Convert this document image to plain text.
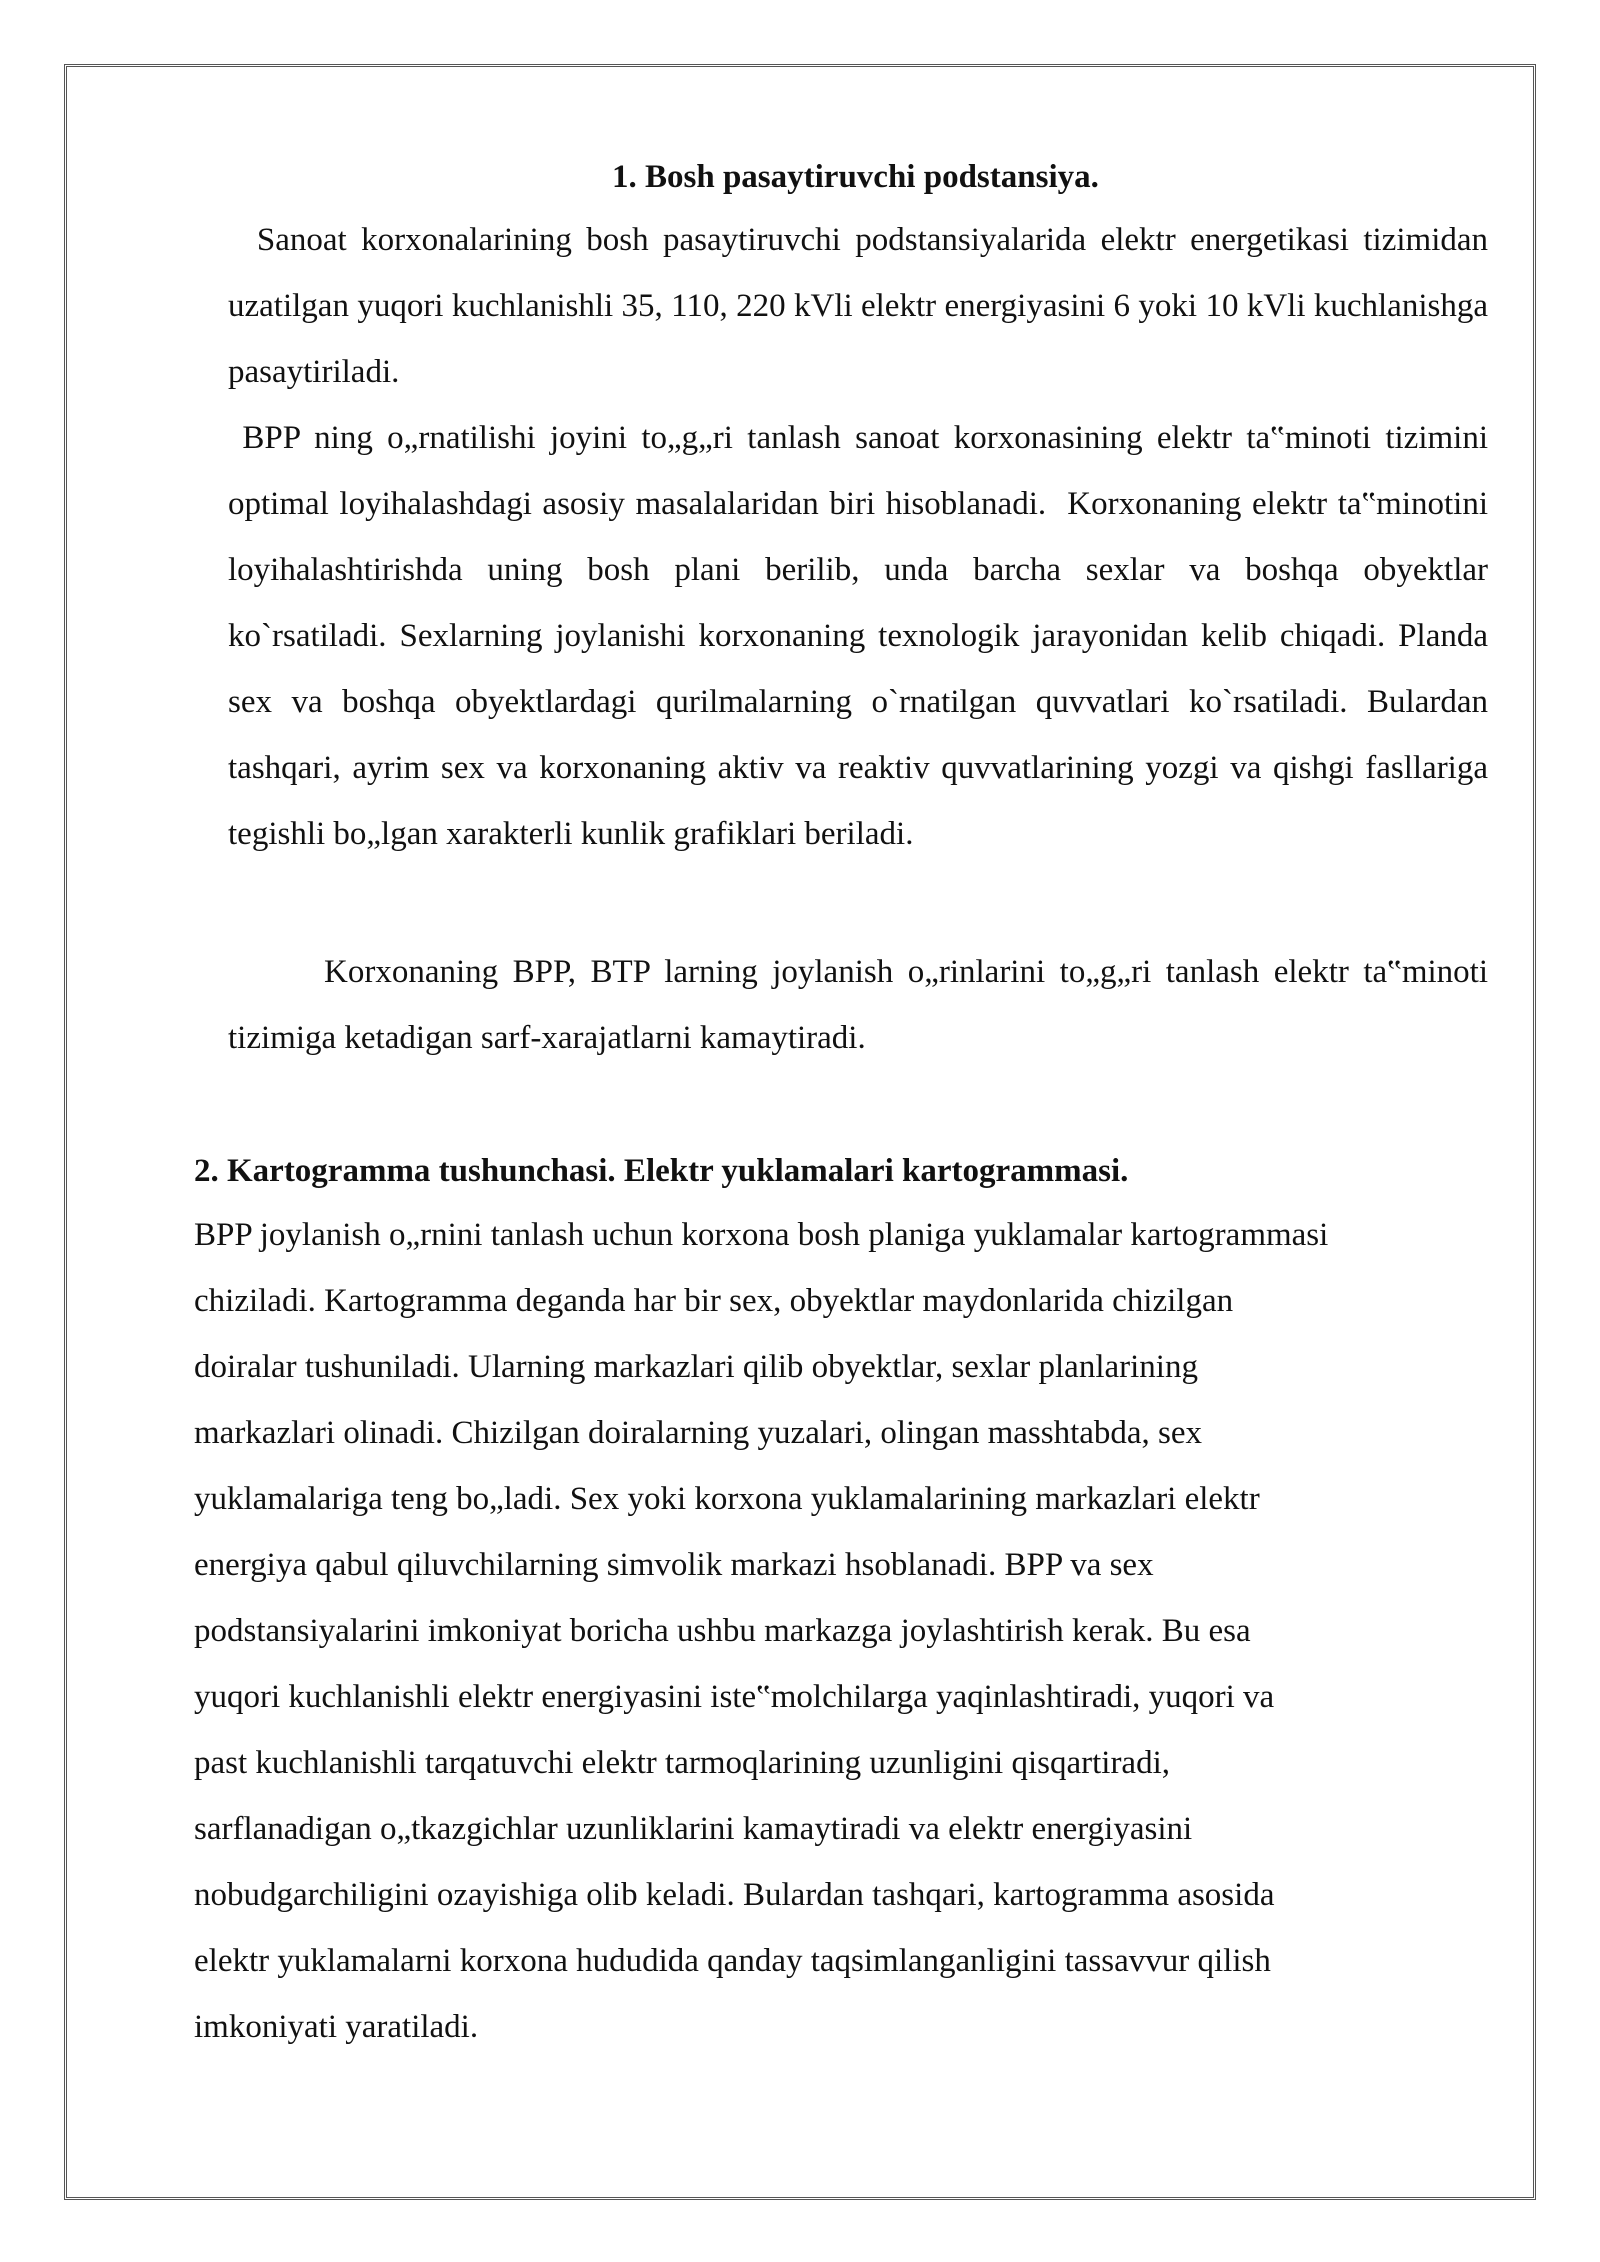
1. Bosh pasaytiruvchi podstansiya.

Sanoat korxonalarining bosh pasaytiruvchi podstansiyalarida elektr energetikasi tizimidan uzatilgan yuqori kuchlanishli 35, 110, 220 kVli elektr energiyasini 6 yoki 10 kVli kuchlanishga pasaytiriladi.

BPP ning o„rnatilishi joyini to„g„ri tanlash sanoat korxonasining elektr ta‟minoti tizimini optimal loyihalashdagi asosiy masalalaridan biri hisoblanadi.  Korxonaning elektr ta‟minotini loyihalashtirishda uning bosh plani berilib, unda barcha sexlar va boshqa obyektlar ko`rsatiladi. Sexlarning joylanishi korxonaning texnologik jarayonidan kelib chiqadi. Planda sex va boshqa obyektlardagi qurilmalarning o`rnatilgan quvvatlari ko`rsatiladi. Bulardan tashqari, ayrim sex va korxonaning aktiv va reaktiv quvvatlarining yozgi va qishgi fasllariga tegishli bo„lgan xarakterli kunlik grafiklari beriladi.

Korxonaning BPP, BTP larning joylanish o„rinlarini to„g„ri tanlash elektr ta‟minoti tizimiga ketadigan sarf-xarajatlarni kamaytiradi.

2. Kartogramma tushunchasi. Elektr yuklamalari kartogrammasi.

BPP joylanish o„rnini tanlash uchun korxona bosh planiga yuklamalar kartogrammasi
chiziladi. Kartogramma deganda har bir sex, obyektlar maydonlarida chizilgan
doiralar tushuniladi. Ularning markazlari qilib obyektlar, sexlar planlarining
markazlari olinadi. Chizilgan doiralarning yuzalari, olingan masshtabda, sex
yuklamalariga teng bo„ladi. Sex yoki korxona yuklamalarining markazlari elektr
energiya qabul qiluvchilarning simvolik markazi hsoblanadi. BPP va sex
podstansiyalarini imkoniyat boricha ushbu markazga joylashtirish kerak. Bu esa
yuqori kuchlanishli elektr energiyasini iste‟molchilarga yaqinlashtiradi, yuqori va
past kuchlanishli tarqatuvchi elektr tarmoqlarining uzunligini qisqartiradi,
sarflanadigan o„tkazgichlar uzunliklarini kamaytiradi va elektr energiyasini
nobudgarchiligini ozayishiga olib keladi. Bulardan tashqari, kartogramma asosida
elektr yuklamalarni korxona hududida qanday taqsimlanganligini tassavvur qilish
imkoniyati yaratiladi.
